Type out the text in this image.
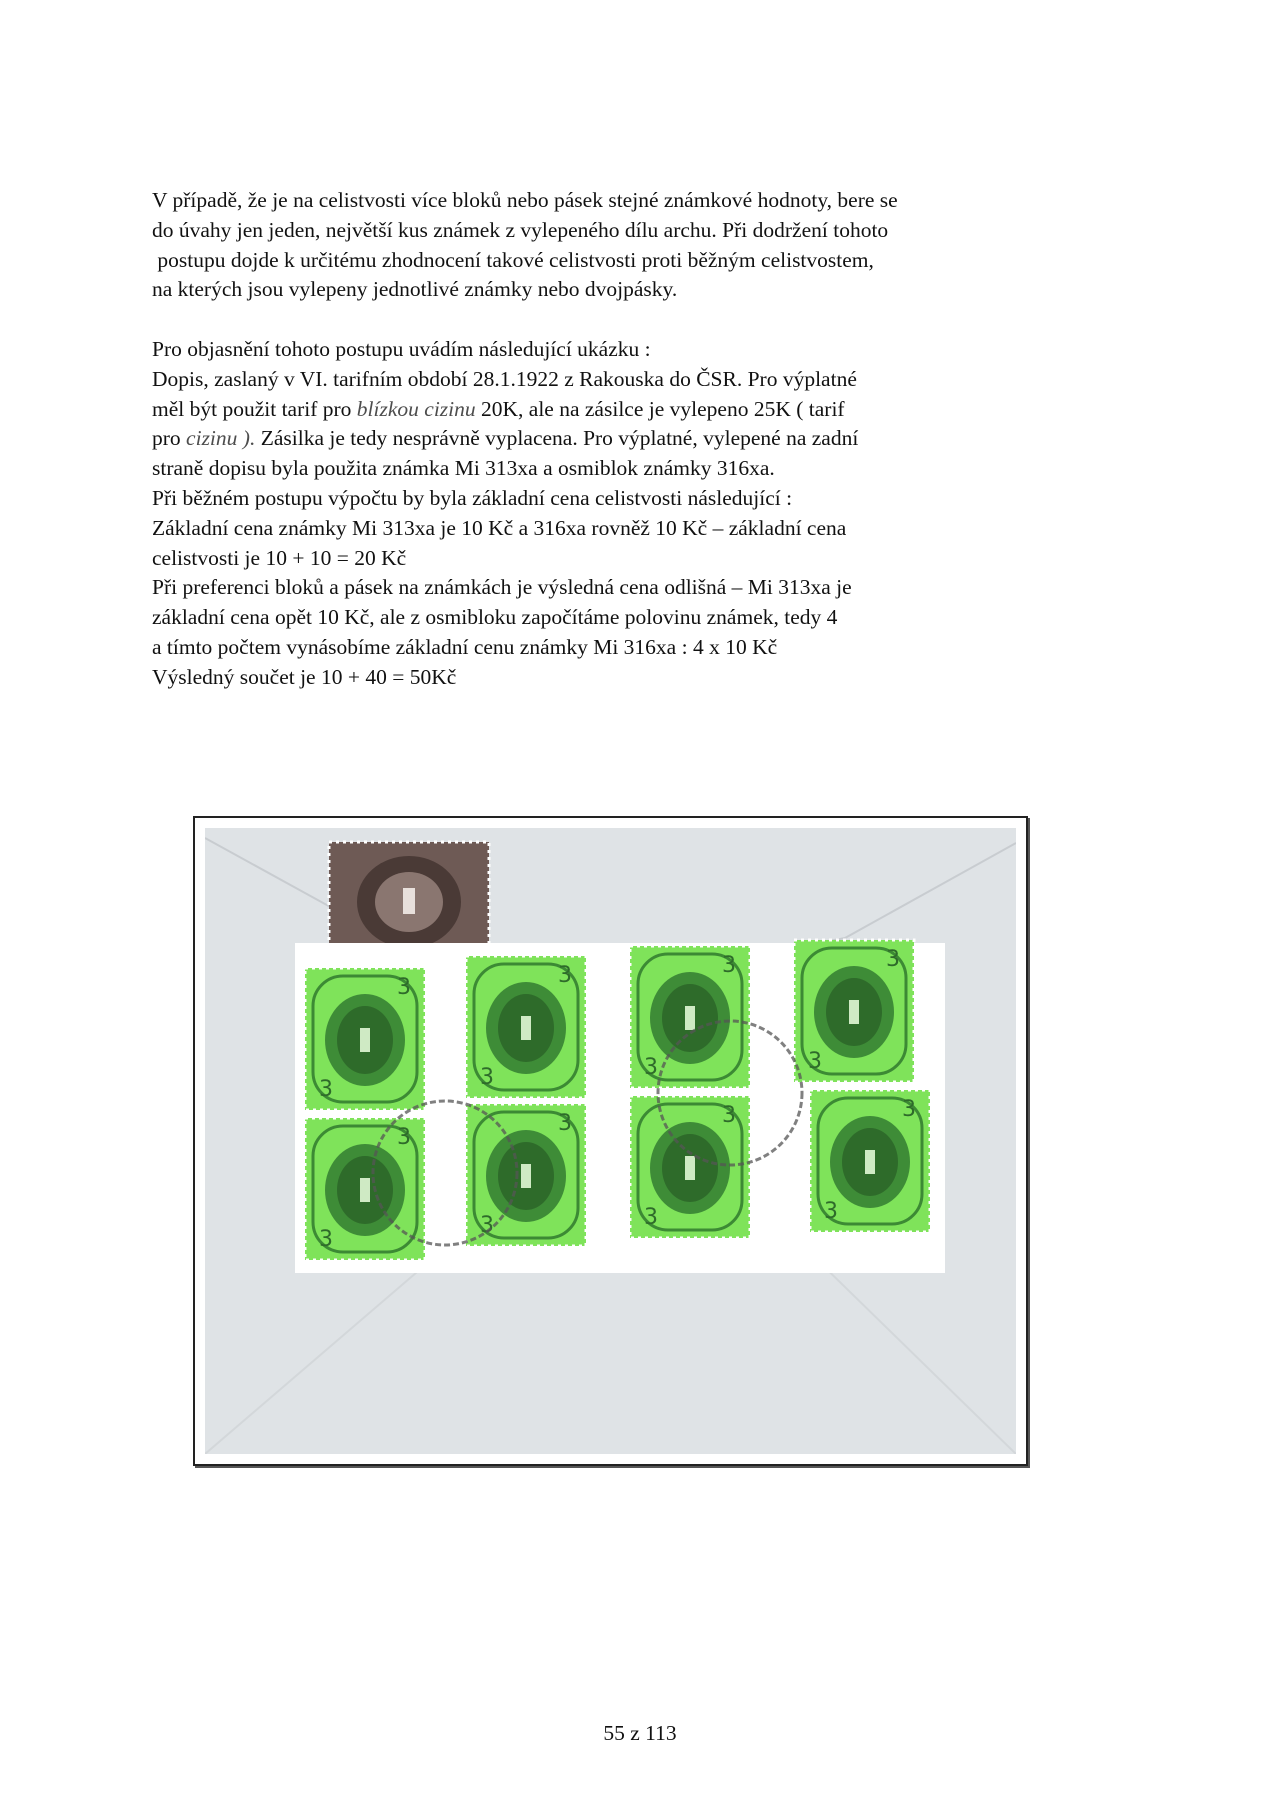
V případě, že je na celistvosti více bloků nebo pásek stejné známkové hodnoty, bere se
do úvahy jen jeden, největší kus známek z vylepeného dílu archu. Při dodržení tohoto
postupu dojde k určitému zhodnocení takové celistvosti proti běžným celistvostem,
na kterých jsou vylepeny jednotlivé známky nebo dvojpásky.
Pro objasnění tohoto postupu uvádím následující ukázku :
Dopis, zaslaný v VI. tarifním období 28.1.1922 z Rakouska do ČSR. Pro výplatné
měl být použit tarif pro blízkou cizinu 20K, ale na zásilce je vylepeno 25K ( tarif
pro cizinu ). Zásilka je tedy nesprávně vyplacena. Pro výplatné, vylepené na zadní
straně dopisu byla použita známka Mi 313xa a osmiblok známky 316xa.
Při běžném postupu výpočtu by byla základní cena celistvosti následující :
Základní cena známky Mi 313xa je 10 Kč a 316xa rovněž 10 Kč – základní cena
celistvosti je 10 + 10 = 20 Kč
Při preferenci bloků a pásek na známkách je výsledná cena odlišná – Mi 313xa je
základní cena opět 10 Kč, ale z osmibloku započítáme polovinu známek, tedy 4
a tímto počtem vynásobíme základní cenu známky Mi 316xa : 4 x 10 Kč
Výsledný součet je 10 + 40 = 50Kč
55 z 113
